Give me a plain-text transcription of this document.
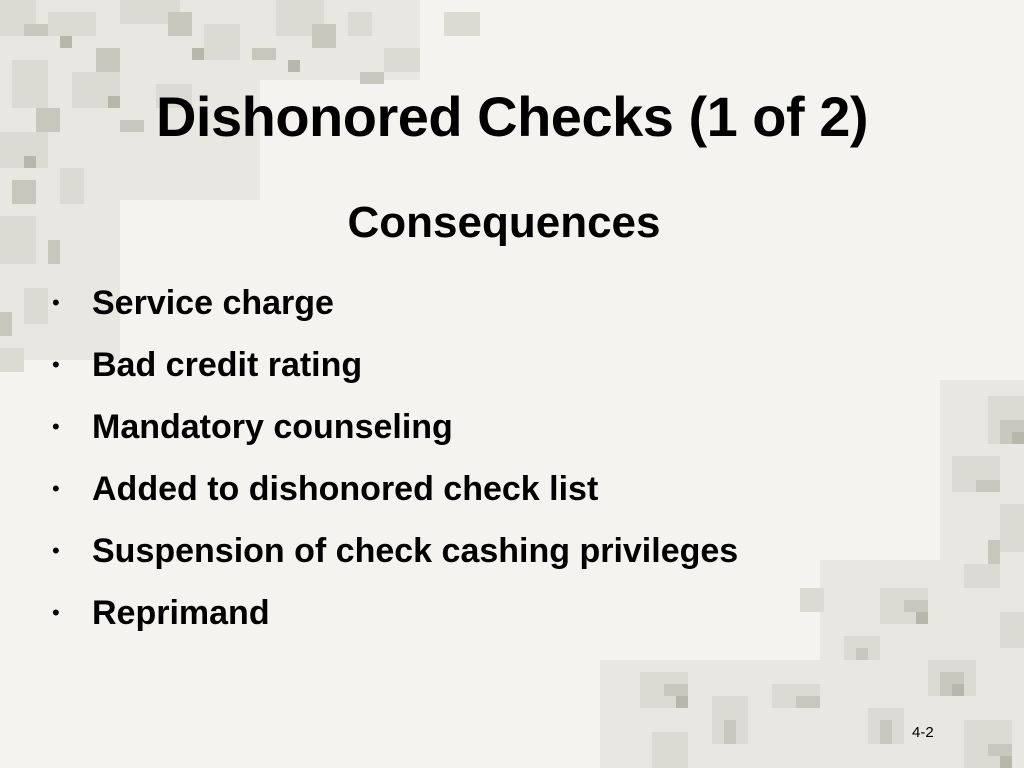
Dishonored Checks (1 of 2)
Consequences
• Service charge
• Bad credit rating
• Mandatory counseling
• Added to dishonored check list
• Suspension of check cashing privileges
• Reprimand
4-2
